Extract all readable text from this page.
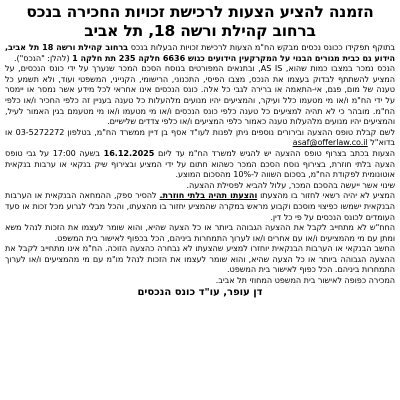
הזמנה להציע הצעות לרכישת זכויות החכירה בנכס
ברחוב קהילת ורשה 18, תל אביב

בתוקף תפקידו ככונס נכסים מבקש הח"מ הצעות לרכישת זכויות הבעלות בנכס ברחוב קהילת ורשה 18 תל אביב, הידוע גם כבית מגורים הבנוי על המקרקעין הידועים כגוש 6636 חלקה 235 תת חלקה 1 (להלן: "הנכס").

הנכס נמכר במצבו כמות שהוא, AS IS, ובתנאים המפורטים בנוסח הסכם המכר שנערך על ידי כונס הנכסים, על המציע להשתתף לבדוק בעצמו את הנכס, מצבו הפיסי, התכנוני, הרישומי, הקנייני, המשפטי ועוד, ולא תשמע כל טענה של מום, פגם, אי-התאמה או ברירה לגבי כל אלה. כונס הנכסים אינו אחראי לכל מידע אשר נמסר או יימסר על ידי הח"מ ו/או מי מטעמו כלל ועיקר, והמציעים יהיו מנועים מלהעלות כל טענה בעניין זה כלפי החכיר ו/או כלפי הח"מ. מובהר כי לא תהיה למציעים כל טענה כלפי כונס הנכסים ו/או מי מטעמו ו/או מי מטעמם בגין האמור לעיל, והמציעים יהיו מנועים מלהעלות טענה כאמור כלפי המציעים ו/או כלפי צדדים שלישיים.

לשם קבלת טופס ההצעה ובירורים נוספים ניתן לפנות לעו"ד אסף בן דיין ממשרד הח"מ, בטלפון 03-5272272 או בדוא"ל asaf@offerlaw.co.il

הצעות בכתב בצרוף טופס ההצעה יש להגיש למשרד הח"מ עד ליום 16.12.2025 בשעה 17:00 על גבי טופס הצעה בלתי חוזרת, בצירוף נוסח הסכם המכר כשהוא חתום על ידי המציע ובצירוף שיק בנקאי או ערבות בנקאית אוטונומית לפקודת הח"מ, בסכום השווה ל-10% מהסכום המוצע.

שינוי אשר ייעשה בהסכם המכר, עלול להביא לפסילת ההצעה.

המציע לא יהיה רשאי לחזור בו מהצעתו והצעתו תהיה בלתי חוזרת. להסיר ספק, ההמחאה הבנקאית או הערבות הבנקאית ישמשו כפיצוי מוסכם וקבוע מראש במקרה שהמציע יחזור בו מהצעתו, והכל מבלי לגרוע מכל זכות או סעד העומדים לכונס הנכסים על פי כל דין.

החח"ש לא מתחייב לקבל את ההצעה הגבוהה ביותר או כל הצעה שהיא, והוא שומר לעצמו את הזכות לנהל משא ומתן עם מי מהמציעים ו/או עם אחרים ו/או לערוך התמחרות ביניהם, הכל בכפוף לאישור בית המשפט.

החשב הבנקאי או הערבות הבנקאית יוחזרו למציע שהצעתו לא נבחרה כהצעה הזוכה. הח"מ אינו מתחייב לקבל את ההצעה הגבוהה ביותר או כל הצעה שהיא, והוא שומר לעצמו את הזכות לנהל מו"מ עם מי מהמציעים ו/או לערוך התמחרות ביניהם. הכל כפוף לאישור בית המשפט.

המכירה כפופה לאישור בית המשפט המחוזי תל אביב.

דן עופר, עו"ד כונס הנכסים
